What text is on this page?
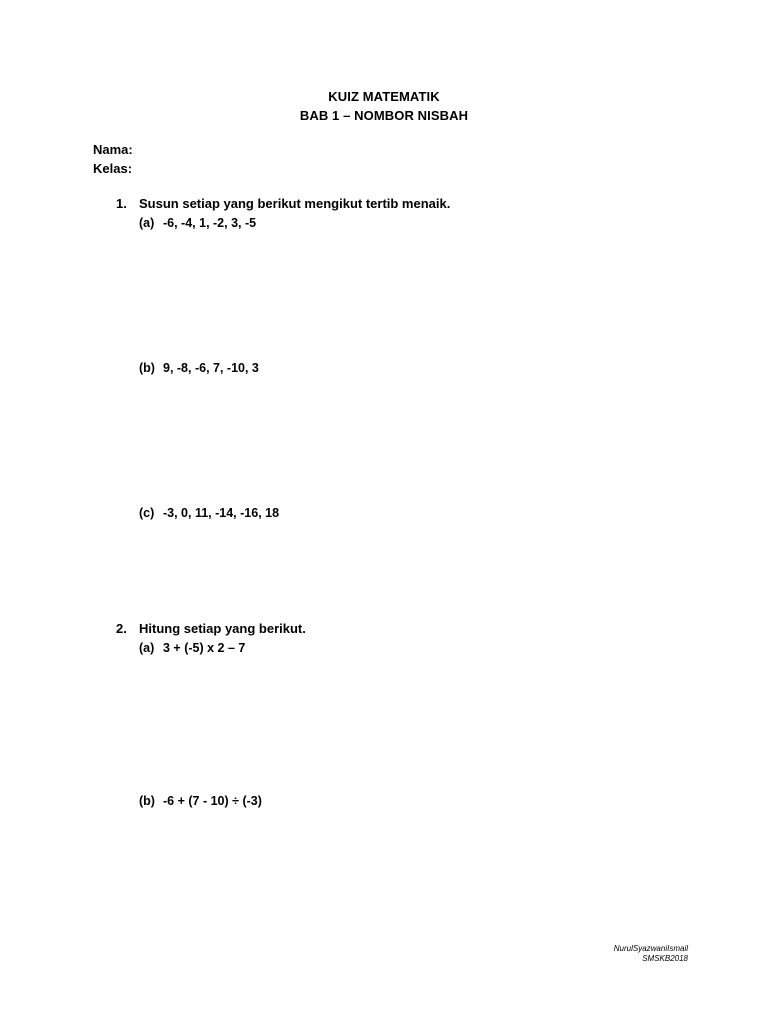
KUIZ MATEMATIK
BAB 1 – NOMBOR NISBAH
Nama:
Kelas:
1. Susun setiap yang berikut mengikut tertib menaik.
(a) -6, -4, 1, -2, 3, -5
(b) 9, -8, -6, 7, -10, 3
(c) -3, 0, 11, -14, -16, 18
2. Hitung setiap yang berikut.
(a) 3 + (-5) x 2 – 7
(b) -6 + (7 - 10) ÷ (-3)
NurulSyazwaniIsmail
SMSKB2018
